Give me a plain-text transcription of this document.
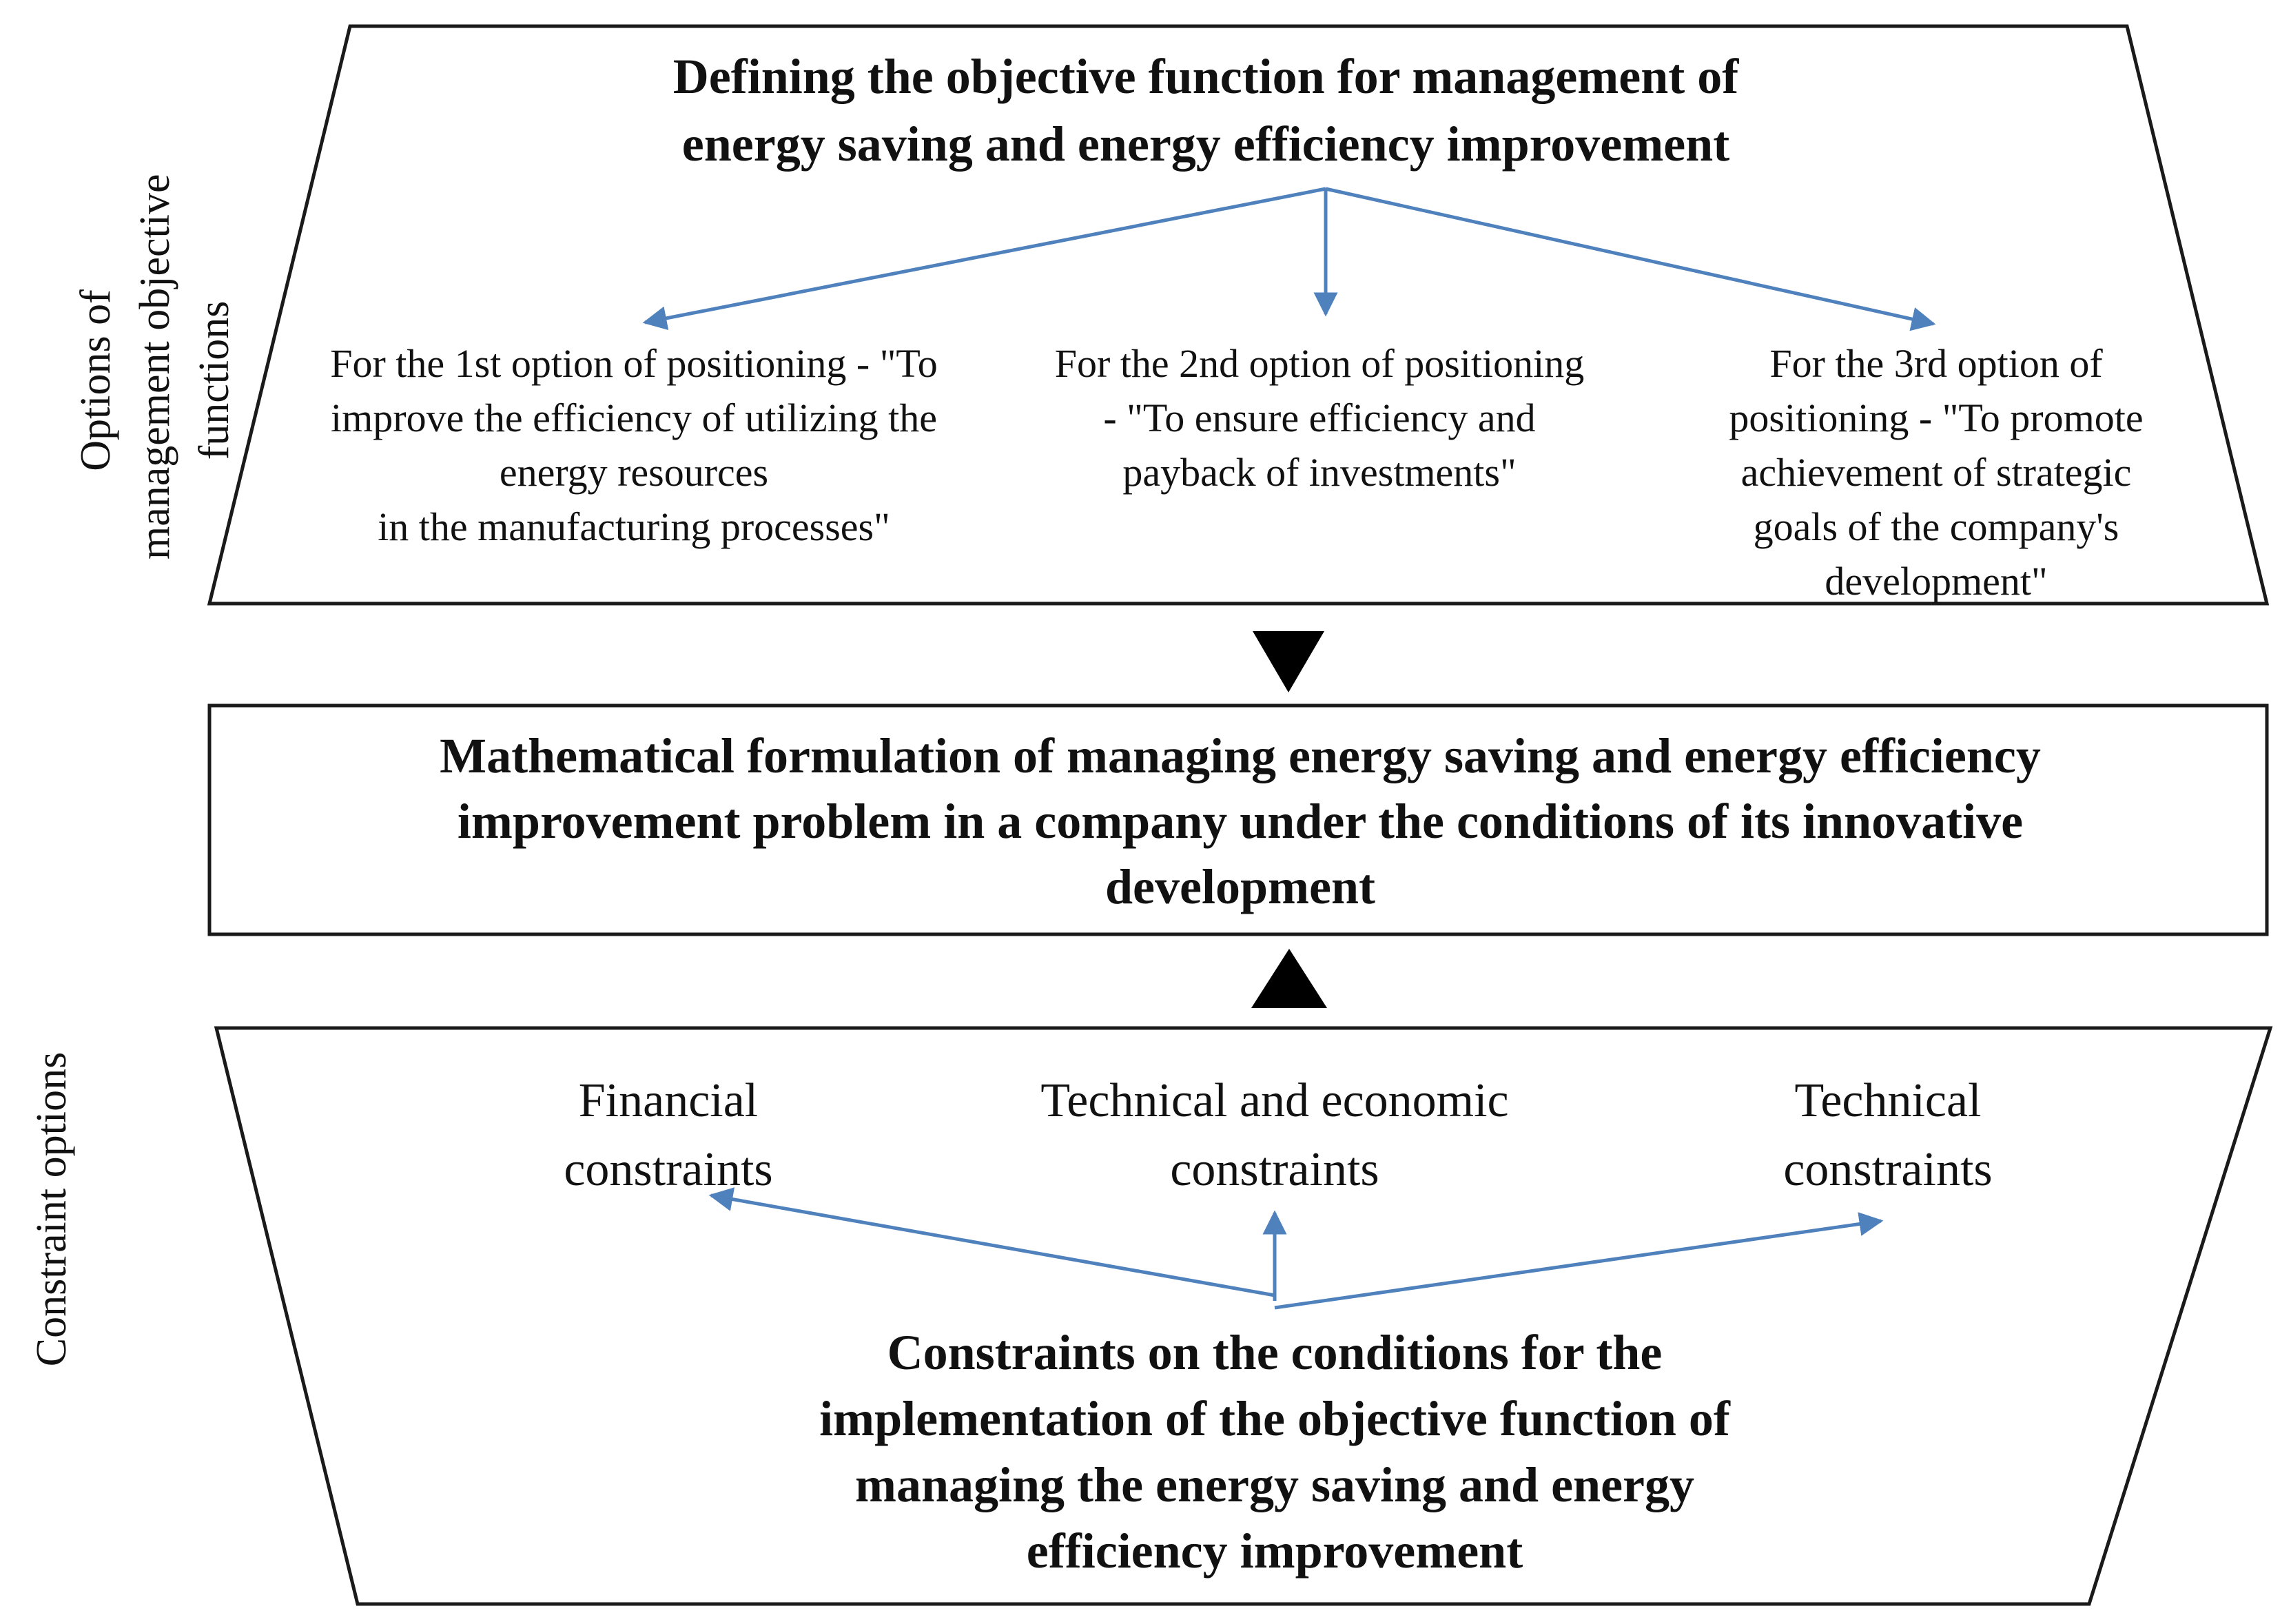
Options of management objective functions
Constraint options
Defining the objective function for management of
energy saving and energy efficiency improvement
For the 1st option of positioning - "To
improve the efficiency of utilizing the
energy resources
in the manufacturing processes"
For the 2nd option of positioning
- "To ensure efficiency and
payback of investments"
For the 3rd option of
positioning - "To promote
achievement of strategic
goals of the company's
development"
Mathematical formulation of managing energy saving and energy efficiency
improvement problem in a company under the conditions of its innovative
development
Financial
constraints
Technical and economic
constraints
Technical
constraints
Constraints on the conditions for the
implementation of the objective function of
managing the energy saving and energy
efficiency improvement
